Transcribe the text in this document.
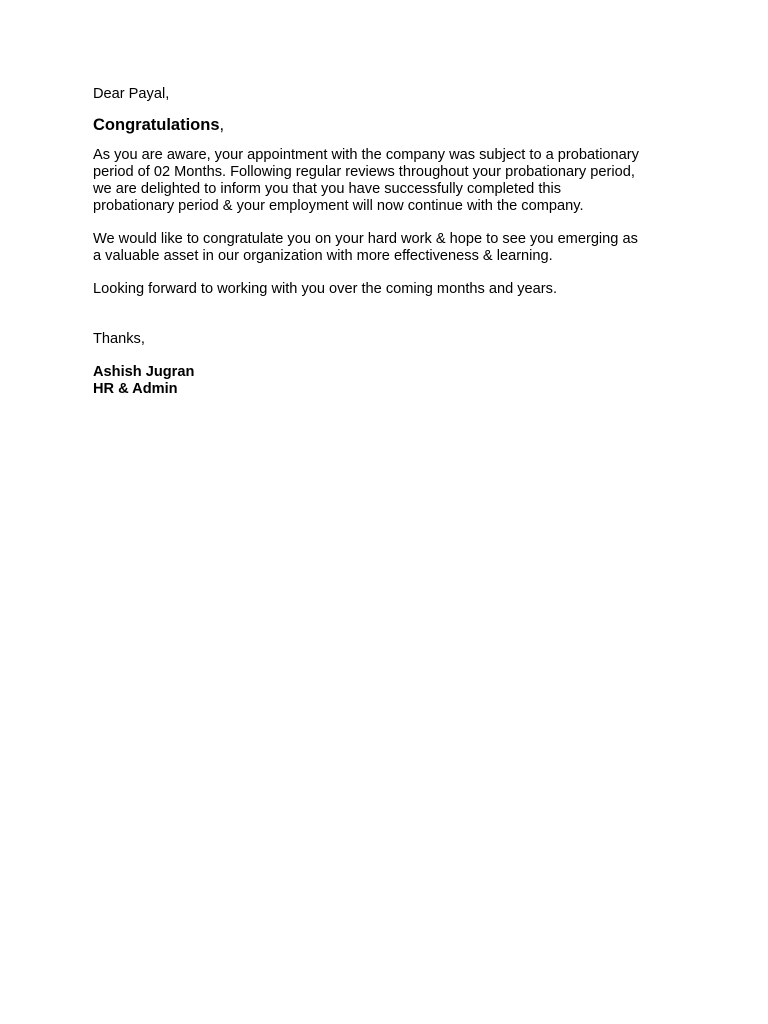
Dear Payal,

Congratulations,

As you are aware, your appointment with the company was subject to a probationary
period of 02 Months. Following regular reviews throughout your probationary period,
we are delighted to inform you that you have successfully completed this
probationary period & your employment will now continue with the company.
We would like to congratulate you on your hard work & hope to see you emerging as
a valuable asset in our organization with more effectiveness & learning.
Looking forward to working with you over the coming months and years.

Thanks,

Ashish Jugran

HR & Admin
